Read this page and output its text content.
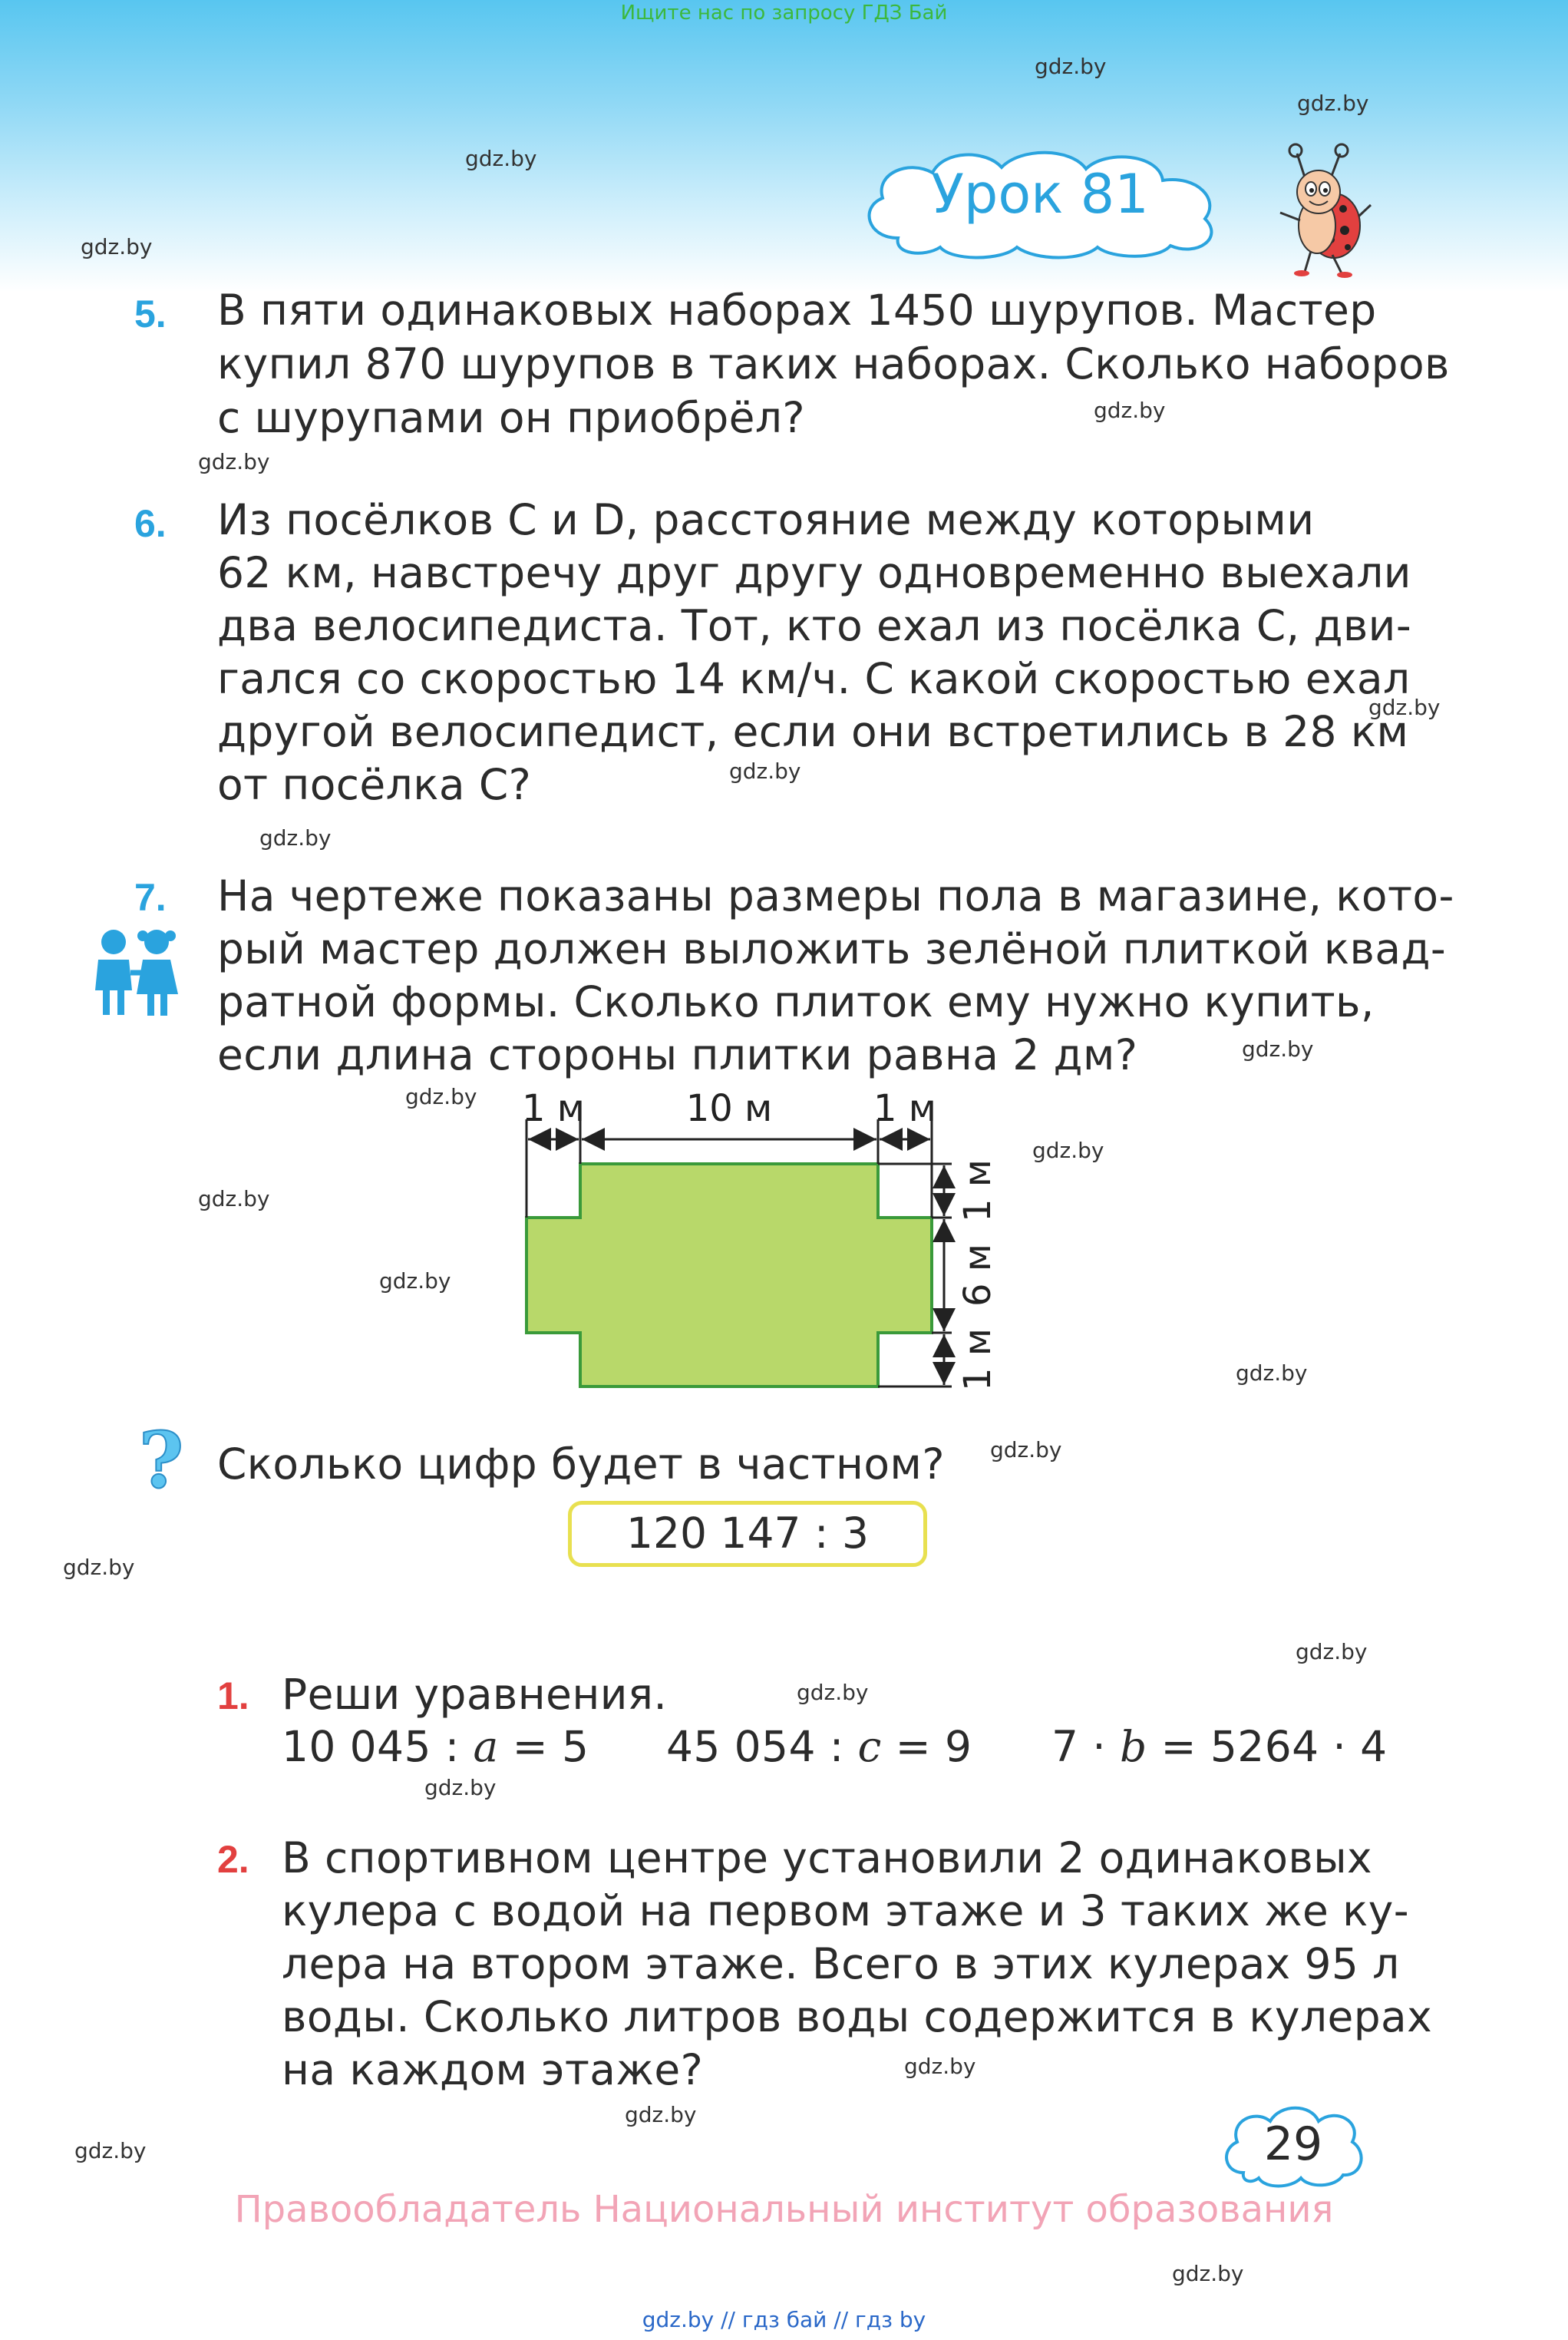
Ищите нас по запросу ГДЗ Бай
gdz.by
gdz.by
gdz.by
gdz.by
gdz.by
gdz.by
gdz.by
gdz.by
gdz.by
gdz.by
gdz.by
gdz.by
gdz.by
gdz.by
gdz.by
gdz.by
gdz.by
gdz.by
gdz.by
gdz.by
gdz.by
gdz.by
gdz.by
gdz.by
Урок 81
5. В пяти одинаковых наборах 1450 шурупов. Мастер
купил 870 шурупов в таких наборах. Сколько наборов
с шурупами он приобрёл?
6. Из посёлков C и D, расстояние между которыми
62 км, навстречу друг другу одновременно выехали
два велосипедиста. Тот, кто ехал из посёлка C, дви-
гался со скоростью 14 км/ч. С какой скоростью ехал
другой велосипедист, если они встретились в 28 км
от посёлка C?
7. На чертеже показаны размеры пола в магазине, кото-
рый мастер должен выложить зелёной плиткой квад-
ратной формы. Сколько плиток ему нужно купить,
если длина стороны плитки равна 2 дм?
1 м	10 м	1 м
1 м
6 м
1 м
? Сколько цифр будет в частном?
120 147 : 3
1. Реши уравнения.
10 045 : a = 5 45 054 : c = 9 7 · b = 5264 · 4
2. В спортивном центре установили 2 одинаковых
кулера с водой на первом этаже и 3 таких же ку-
лера на втором этаже. Всего в этих кулерах 95 л
воды. Сколько литров воды содержится в кулерах
на каждом этаже?
29
Правообладатель Национальный институт образования
gdz.by // гдз бай // гдз by
